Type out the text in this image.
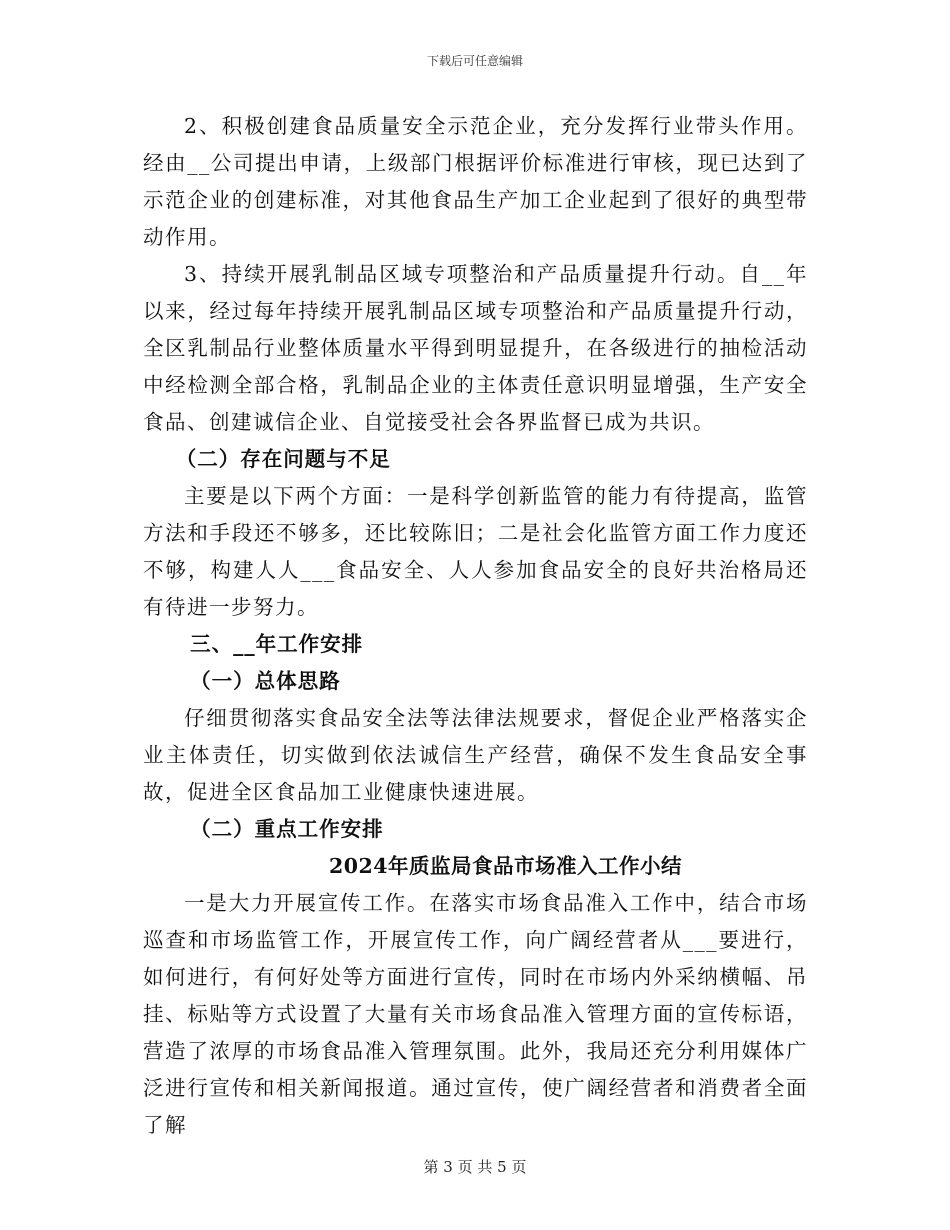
下载后可任意编辑

2、积极创建食品质量安全示范企业，充分发挥行业带头作用。经由__公司提出申请，上级部门根据评价标准进行审核，现已达到了示范企业的创建标准，对其他食品生产加工企业起到了很好的典型带动作用。

3、持续开展乳制品区域专项整治和产品质量提升行动。自__年以来，经过每年持续开展乳制品区域专项整治和产品质量提升行动，全区乳制品行业整体质量水平得到明显提升，在各级进行的抽检活动中经检测全部合格，乳制品企业的主体责任意识明显增强，生产安全食品、创建诚信企业、自觉接受社会各界监督已成为共识。

（二）存在问题与不足

主要是以下两个方面：一是科学创新监管的能力有待提高，监管方法和手段还不够多，还比较陈旧；二是社会化监管方面工作力度还不够，构建人人___食品安全、人人参加食品安全的良好共治格局还有待进一步努力。

三、__年工作安排

（一）总体思路

仔细贯彻落实食品安全法等法律法规要求，督促企业严格落实企业主体责任，切实做到依法诚信生产经营，确保不发生食品安全事故，促进全区食品加工业健康快速进展。

（二）重点工作安排

2024年质监局食品市场准入工作小结

一是大力开展宣传工作。在落实市场食品准入工作中，结合市场巡查和市场监管工作，开展宣传工作，向广阔经营者从___要进行，如何进行，有何好处等方面进行宣传，同时在市场内外采纳横幅、吊挂、标贴等方式设置了大量有关市场食品准入管理方面的宣传标语，营造了浓厚的市场食品准入管理氛围。此外，我局还充分利用媒体广泛进行宣传和相关新闻报道。通过宣传，使广阔经营者和消费者全面了解

第 3 页 共 5 页
